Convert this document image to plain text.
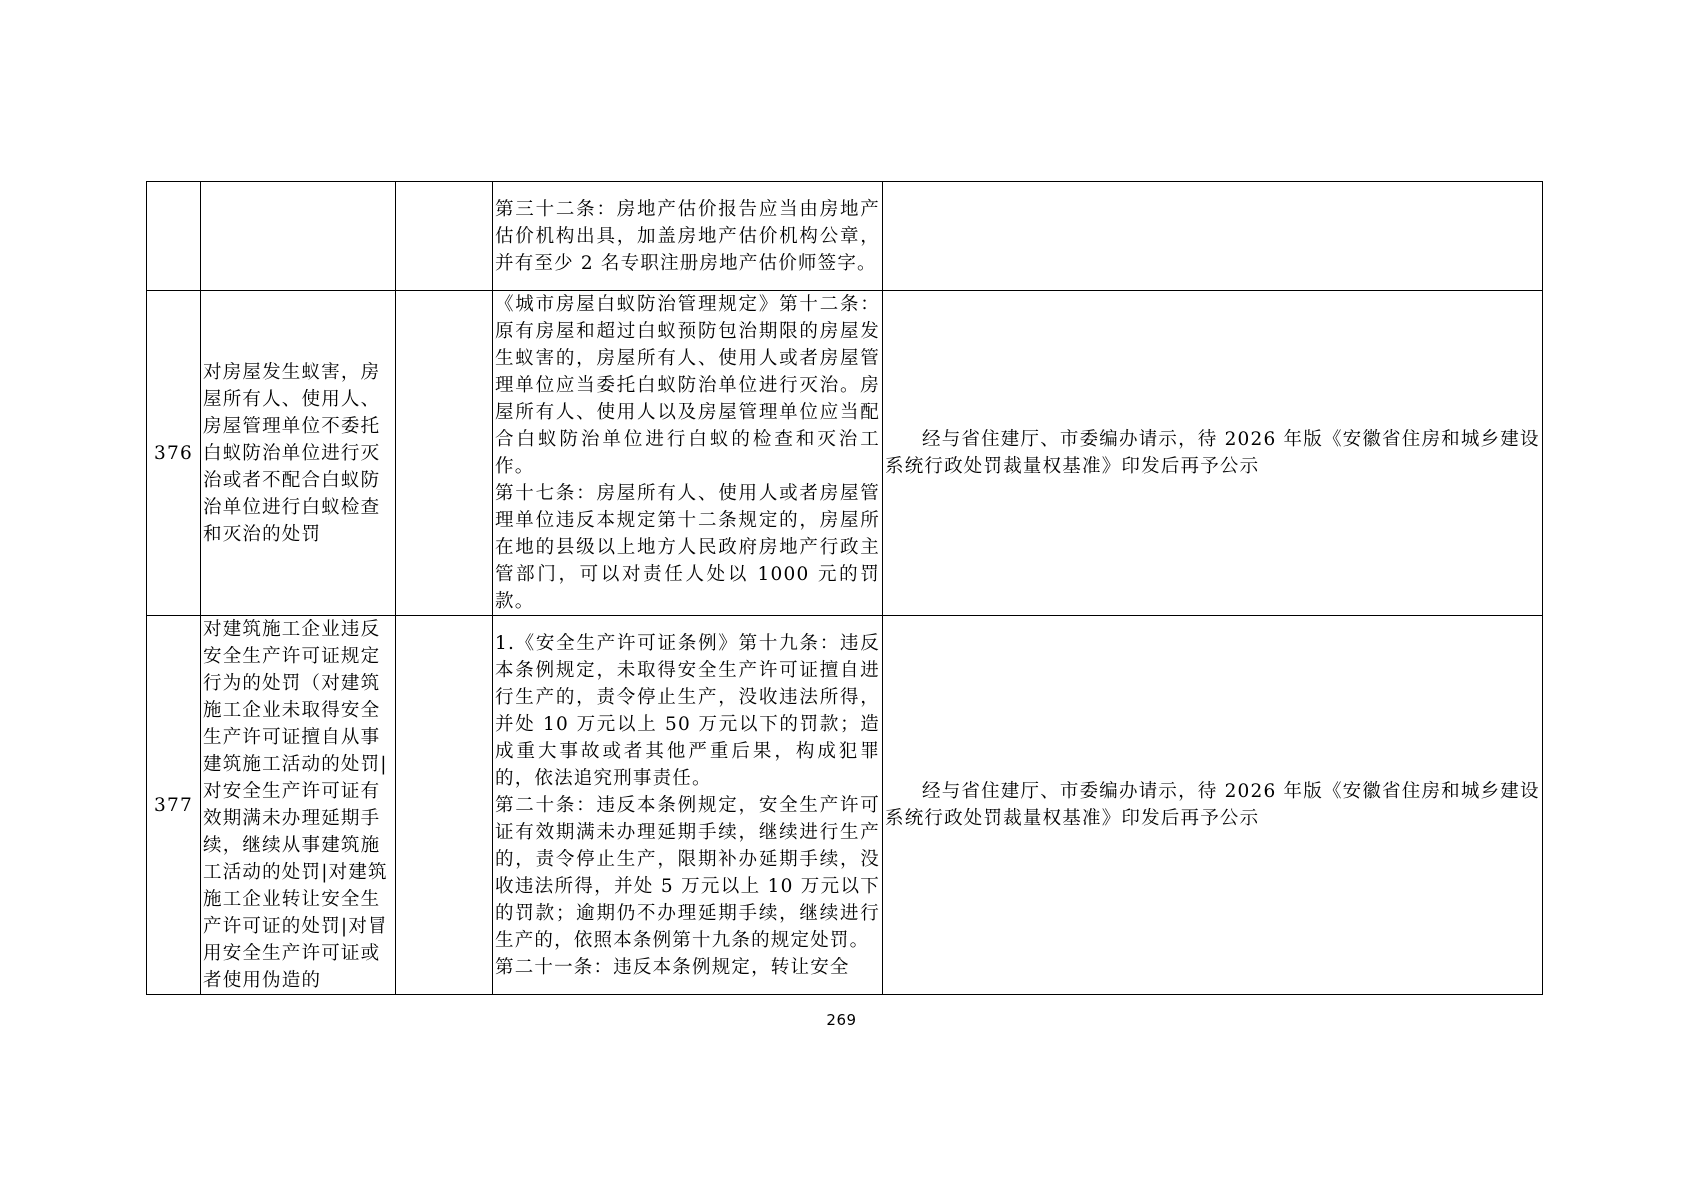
			第三十二条：房地产估价报告应当由房地产估价机构出具，加盖房地产估价机构公章，并有至少 2 名专职注册房地产估价师签字。	

376	对房屋发生蚁害，房屋所有人、使用人、房屋管理单位不委托白蚁防治单位进行灭治或者不配合白蚁防治单位进行白蚁检查和灭治的处罚		《城市房屋白蚁防治管理规定》第十二条：原有房屋和超过白蚁预防包治期限的房屋发生蚁害的，房屋所有人、使用人或者房屋管理单位应当委托白蚁防治单位进行灭治。房屋所有人、使用人以及房屋管理单位应当配合白蚁防治单位进行白蚁的检查和灭治工作。
第十七条：房屋所有人、使用人或者房屋管理单位违反本规定第十二条规定的，房屋所在地的县级以上地方人民政府房地产行政主管部门，可以对责任人处以 1000 元的罚款。	经与省住建厅、市委编办请示，待 2026 年版《安徽省住房和城乡建设系统行政处罚裁量权基准》印发后再予公示
377	对建筑施工企业违反安全生产许可证规定行为的处罚（对建筑施工企业未取得安全生产许可证擅自从事建筑施工活动的处罚|对安全生产许可证有效期满未办理延期手续，继续从事建筑施工活动的处罚|对建筑施工企业转让安全生产许可证的处罚|对冒用安全生产许可证或者使用伪造的		1.《安全生产许可证条例》第十九条：违反本条例规定，未取得安全生产许可证擅自进行生产的，责令停止生产，没收违法所得，并处 10 万元以上 50 万元以下的罚款；造成重大事故或者其他严重后果，构成犯罪的，依法追究刑事责任。
第二十条：违反本条例规定，安全生产许可证有效期满未办理延期手续，继续进行生产的，责令停止生产，限期补办延期手续，没收违法所得，并处 5 万元以上 10 万元以下的罚款；逾期仍不办理延期手续，继续进行生产的，依照本条例第十九条的规定处罚。
第二十一条：违反本条例规定，转让安全	经与省住建厅、市委编办请示，待 2026 年版《安徽省住房和城乡建设系统行政处罚裁量权基准》印发后再予公示
269
